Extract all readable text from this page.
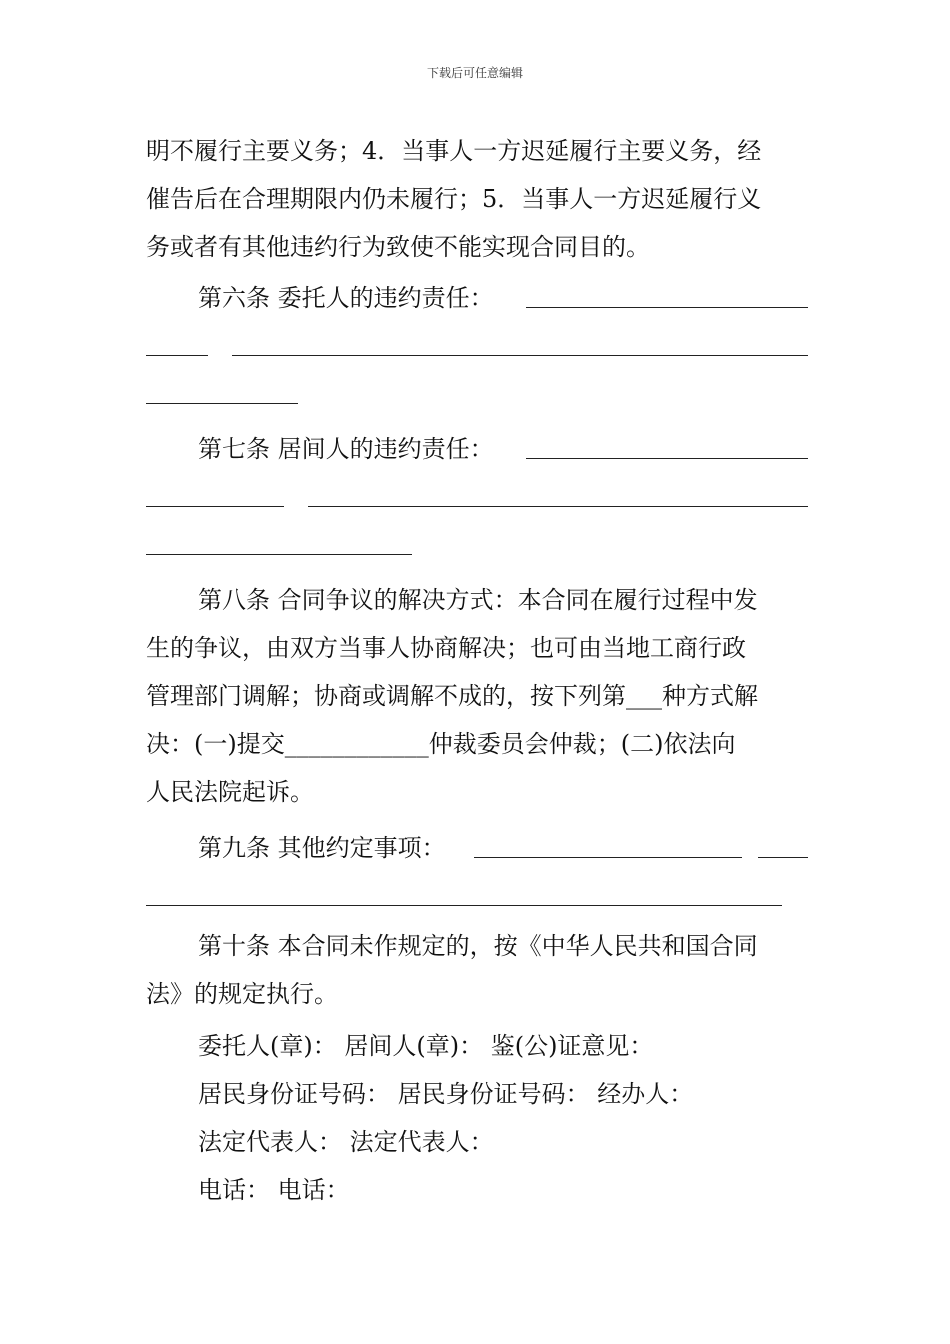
下载后可任意编辑
明不履行主要义务；4．当事人一方迟延履行主要义务，经
催告后在合理期限内仍未履行；5．当事人一方迟延履行义
务或者有其他违约行为致使不能实现合同目的。
第六条 委托人的违约责任：
第七条 居间人的违约责任：
第八条 合同争议的解决方式：本合同在履行过程中发
生的争议，由双方当事人协商解决；也可由当地工商行政
管理部门调解；协商或调解不成的，按下列第___种方式解
决：(一)提交____________仲裁委员会仲裁；(二)依法向
人民法院起诉。
第九条 其他约定事项：
第十条 本合同未作规定的，按《中华人民共和国合同
法》的规定执行。
委托人(章)： 居间人(章)： 鉴(公)证意见：
居民身份证号码： 居民身份证号码： 经办人：
法定代表人： 法定代表人：
电话： 电话：
